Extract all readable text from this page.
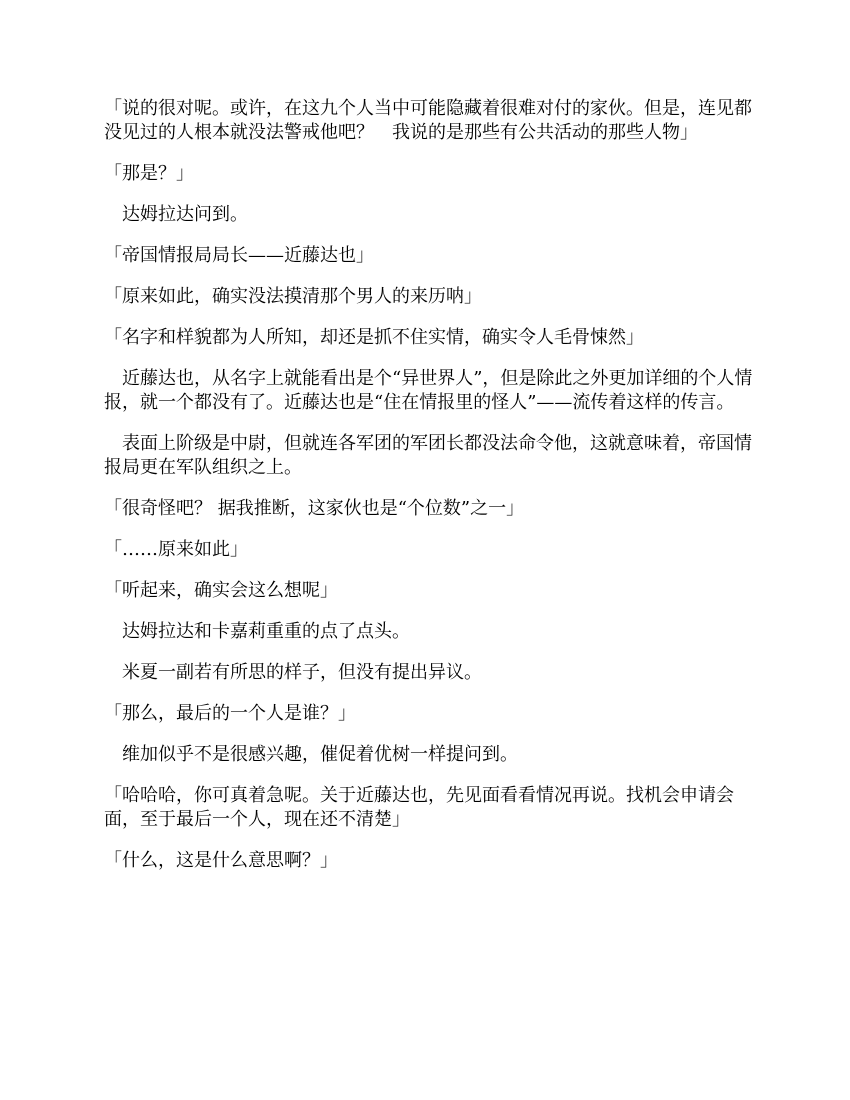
「说的很对呢。或许，在这九个人当中可能隐藏着很难对付的家伙。但是，连见都没见过的人根本就没法警戒他吧？　我说的是那些有公共活动的那些人物」

「那是？」

达姆拉达问到。

「帝国情报局局长——近藤达也」

「原来如此，确实没法摸清那个男人的来历呐」

「名字和样貌都为人所知，却还是抓不住实情，确实令人毛骨悚然」

近藤达也，从名字上就能看出是个“异世界人”，但是除此之外更加详细的个人情报，就一个都没有了。近藤达也是“住在情报里的怪人”——流传着这样的传言。

表面上阶级是中尉，但就连各军团的军团长都没法命令他，这就意味着，帝国情报局更在军队组织之上。

「很奇怪吧？ 据我推断，这家伙也是“个位数”之一」

「……原来如此」

「听起来，确实会这么想呢」

达姆拉达和卡嘉莉重重的点了点头。

米夏一副若有所思的样子，但没有提出异议。

「那么，最后的一个人是谁？」

维加似乎不是很感兴趣，催促着优树一样提问到。

「哈哈哈，你可真着急呢。关于近藤达也，先见面看看情况再说。找机会申请会面，至于最后一个人，现在还不清楚」

「什么，这是什么意思啊？」
